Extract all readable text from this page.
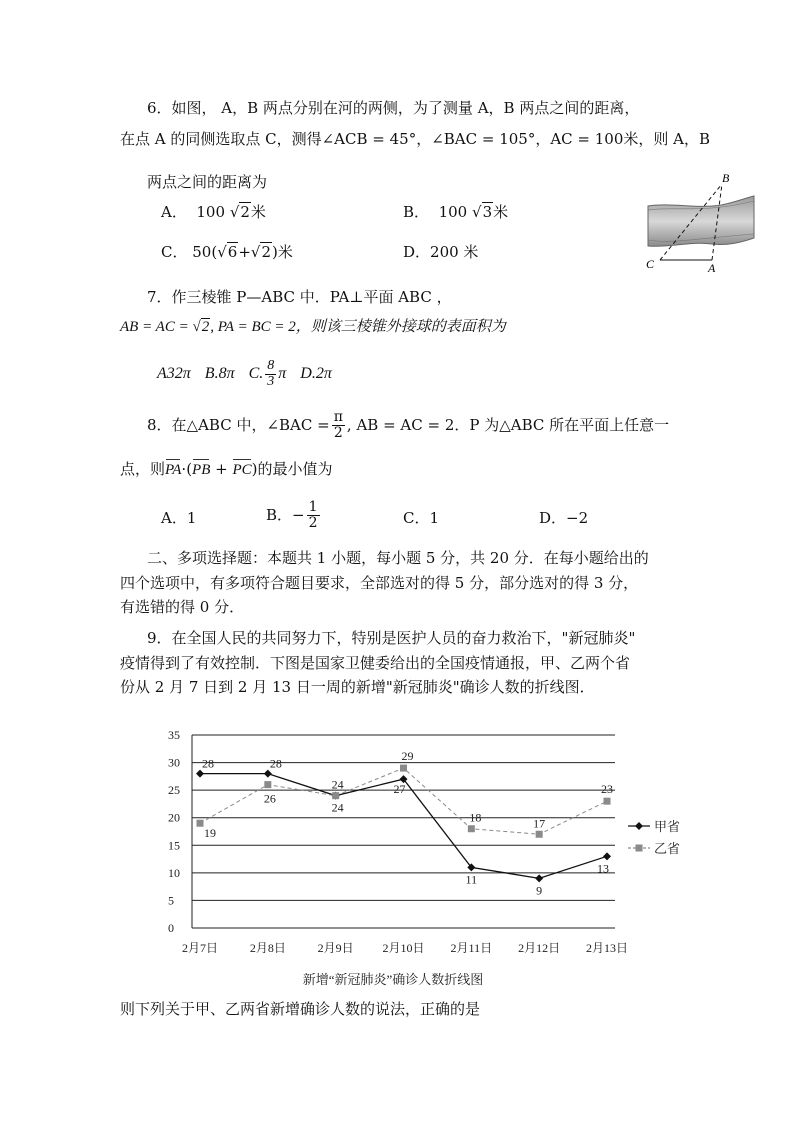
6．如图， A，B 两点分别在河的两侧，为了测量 A，B 两点之间的距离，
在点 A 的同侧选取点 C，测得∠ACB = 45°，∠BAC = 105°，AC = 100米，则 A，B
两点之间的距离为
A． 100 √2米	B． 100 √3米
C． 50(√6+√2)米	D．200 米
B
C	A
7．作三棱锥 P—ABC 中．PA⊥平面 ABC ，
AB = AC = √2, PA = BC = 2，则该三棱锥外接球的表面积为
A32π B.8π C. $\frac{8}{3}$ π D.2π
8．在△ABC 中，∠BAC = $\frac{\pi}{2}$ , AB = AC = 2．P 为△ABC 所在平面上任意一
点，则PA·(PB + PC)的最小值为
A．1	B．− $\frac{1}{2}$	C．1	D．−2
二、多项选择题：本题共 1 小题，每小题 5 分，共 20 分．在每小题给出的
四个选项中，有多项符合题目要求，全部选对的得 5 分，部分选对的得 3 分，
有选错的得 0 分．
9．在全国人民的共同努力下，特别是医护人员的奋力救治下，"新冠肺炎"
疫情得到了有效控制．下图是国家卫健委给出的全国疫情通报，甲、乙两个省
份从 2 月 7 日到 2 月 13 日一周的新增"新冠肺炎"确诊人数的折线图．
35
30
25
20
15
10
5
0
2月7日	2月8日	2月9日 2月10日 2月11日 2月12日 2月13日
28	28
24
27
11
9
13
19
26
24
29
18	17
23
甲省
乙省
新增“新冠肺炎”确诊人数折线图
则下列关于甲、乙两省新增确诊人数的说法，正确的是
